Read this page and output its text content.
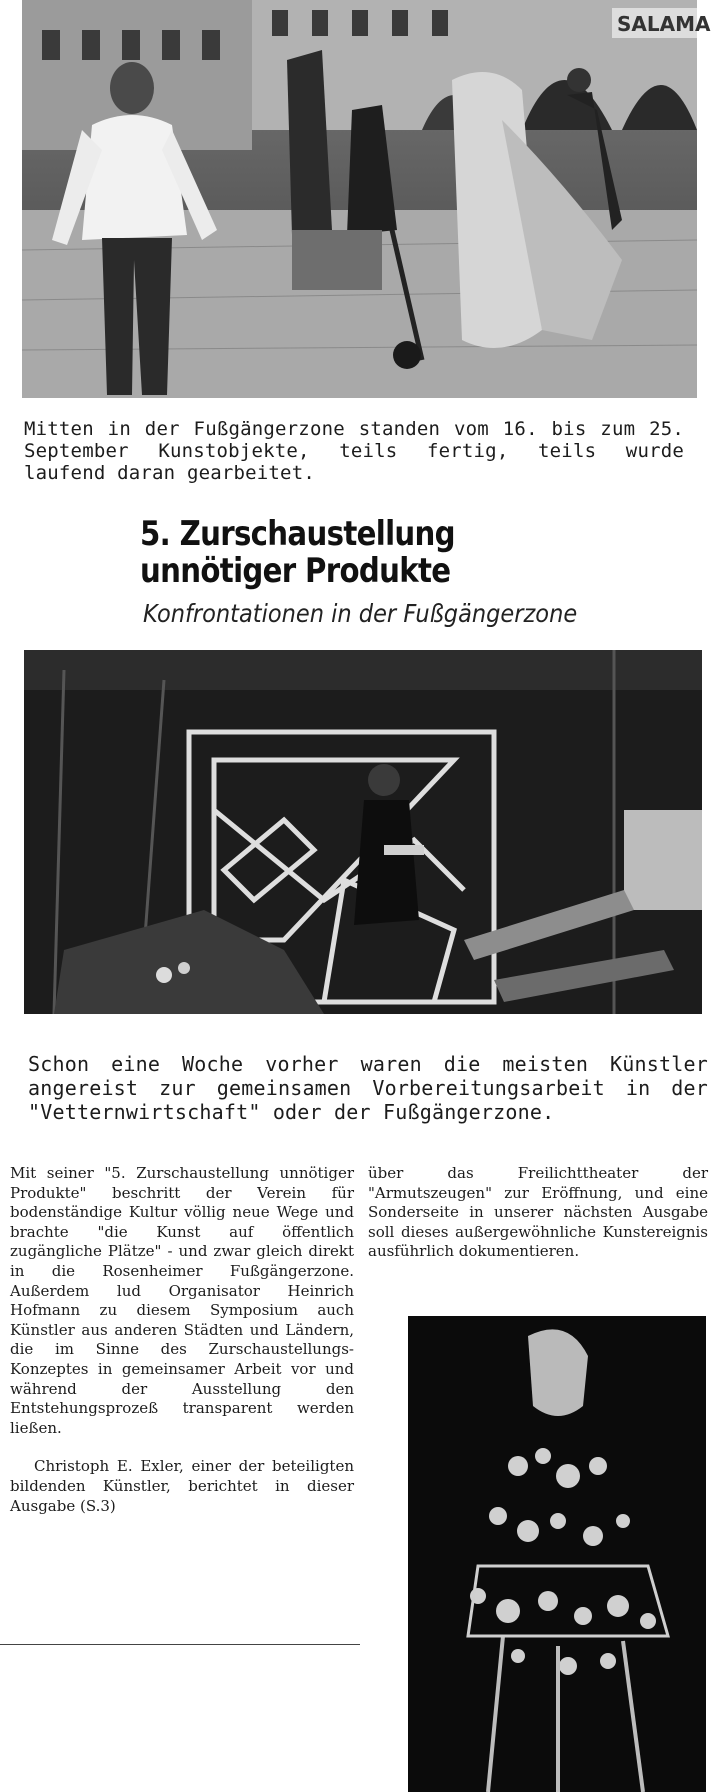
SALAMA
Mitten in der Fußgängerzone standen vom 16. bis zum 25. September Kunstobjekte, teils fertig, teils wurde laufend daran gearbeitet.
5. Zurschaustellung
unnötiger Produkte
Konfrontationen in der Fußgängerzone
Schon eine Woche vorher waren die meisten Künstler angereist zur gemeinsamen Vorbereitungsarbeit in der "Vetternwirtschaft" oder der Fußgängerzone.

Mit seiner "5. Zurschaustellung unnötiger Produkte" beschritt der Verein für bodenständige Kultur völlig neue Wege und brachte "die Kunst auf öffentlich zugängliche Plätze" - und zwar gleich direkt in die Rosenheimer Fußgängerzone. Außerdem lud Organisator Heinrich Hofmann zu diesem Symposium auch Künstler aus anderen Städten und Ländern, die im Sinne des Zurschaustellungs-Konzeptes in gemeinsamer Arbeit vor und während der Ausstellung den Entstehungsprozeß transparent werden ließen.

Christoph E. Exler, einer der beteiligten bildenden Künstler, berichtet in dieser Ausgabe (S.3)

über das Freilichttheater der "Armutszeugen" zur Eröffnung, und eine Sonderseite in unserer nächsten Ausgabe soll dieses außergewöhnliche Kunstereignis ausführlich dokumentieren.
